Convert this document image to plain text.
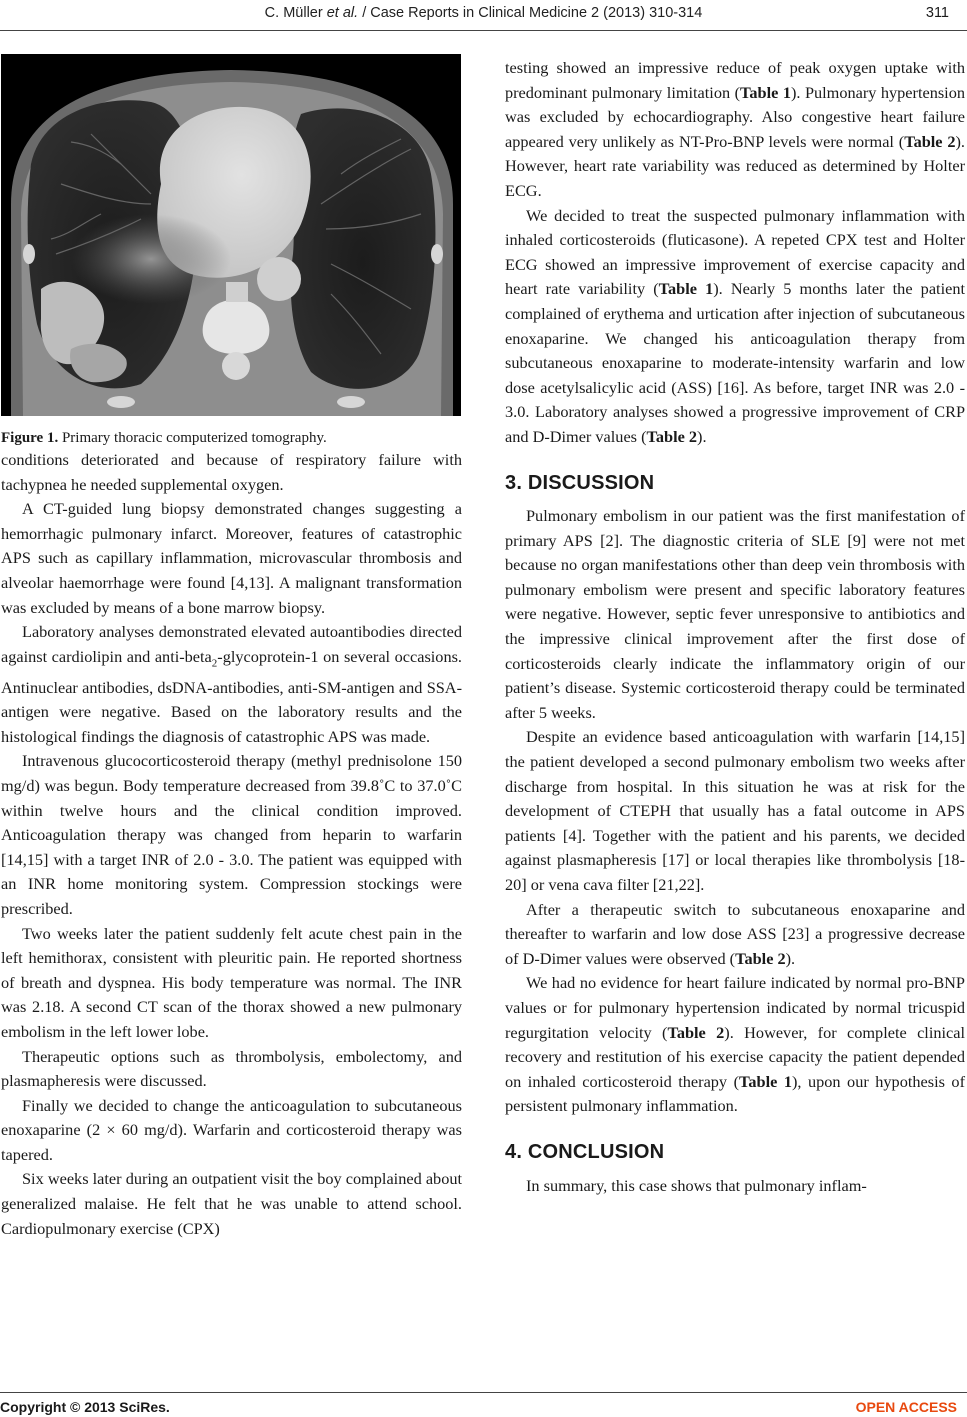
C. Müller et al. / Case Reports in Clinical Medicine 2 (2013) 310-314	311

Figure 1. Primary thoracic computerized tomography.

conditions deteriorated and because of respiratory failure with tachypnea he needed supplemental oxygen.

A CT-guided lung biopsy demonstrated changes suggesting a hemorrhagic pulmonary infarct. Moreover, features of catastrophic APS such as capillary inflammation, microvascular thrombosis and alveolar haemorrhage were found [4,13]. A malignant transformation was excluded by means of a bone marrow biopsy.

Laboratory analyses demonstrated elevated autoantibodies directed against cardiolipin and anti-beta$_2$-glycoprotein-1 on several occasions. Antinuclear antibodies, dsDNA-antibodies, anti-SM-antigen and SSA-antigen were negative. Based on the laboratory results and the histological findings the diagnosis of catastrophic APS was made.

Intravenous glucocorticosteroid therapy (methyl prednisolone 150 mg/d) was begun. Body temperature decreased from 39.8˚C to 37.0˚C within twelve hours and the clinical condition improved. Anticoagulation therapy was changed from heparin to warfarin [14,15] with a target INR of 2.0 - 3.0. The patient was equipped with an INR home monitoring system. Compression stockings were prescribed.

Two weeks later the patient suddenly felt acute chest pain in the left hemithorax, consistent with pleuritic pain. He reported shortness of breath and dyspnea. His body temperature was normal. The INR was 2.18. A second CT scan of the thorax showed a new pulmonary embolism in the left lower lobe.

Therapeutic options such as thrombolysis, embolectomy, and plasmapheresis were discussed.

Finally we decided to change the anticoagulation to subcutaneous enoxaparine (2 × 60 mg/d). Warfarin and corticosteroid therapy was tapered.

Six weeks later during an outpatient visit the boy complained about generalized malaise. He felt that he was unable to attend school. Cardiopulmonary exercise (CPX)

testing showed an impressive reduce of peak oxygen uptake with predominant pulmonary limitation (Table 1). Pulmonary hypertension was excluded by echocardiography. Also congestive heart failure appeared very unlikely as NT-Pro-BNP levels were normal (Table 2). However, heart rate variability was reduced as determined by Holter ECG.

We decided to treat the suspected pulmonary inflammation with inhaled corticosteroids (fluticasone). A repeted CPX test and Holter ECG showed an impressive improvement of exercise capacity and heart rate variability (Table 1). Nearly 5 months later the patient complained of erythema and urtication after injection of subcutaneous enoxaparine. We changed his anticoagulation therapy from subcutaneous enoxaparine to moderate-intensity warfarin and low dose acetylsalicylic acid (ASS) [16]. As before, target INR was 2.0 - 3.0. Laboratory analyses showed a progressive improvement of CRP and D-Dimer values (Table 2).

3. DISCUSSION

Pulmonary embolism in our patient was the first manifestation of primary APS [2]. The diagnostic criteria of SLE [9] were not met because no organ manifestations other than deep vein thrombosis with pulmonary embolism were present and specific laboratory features were negative. However, septic fever unresponsive to antibiotics and the impressive clinical improvement after the first dose of corticosteroids clearly indicate the inflammatory origin of our patient’s disease. Systemic corticosteroid therapy could be terminated after 5 weeks.

Despite an evidence based anticoagulation with warfarin [14,15] the patient developed a second pulmonary embolism two weeks after discharge from hospital. In this situation he was at risk for the development of CTEPH that usually has a fatal outcome in APS patients [4]. Together with the patient and his parents, we decided against plasmapheresis [17] or local therapies like thrombolysis [18-20] or vena cava filter [21,22].

After a therapeutic switch to subcutaneous enoxaparine and thereafter to warfarin and low dose ASS [23] a progressive decrease of D-Dimer values were observed (Table 2).

We had no evidence for heart failure indicated by normal pro-BNP values or for pulmonary hypertension indicated by normal tricuspid regurgitation velocity (Table 2). However, for complete clinical recovery and restitution of his exercise capacity the patient depended on inhaled corticosteroid therapy (Table 1), upon our hypothesis of persistent pulmonary inflammation.

4. CONCLUSION

In summary, this case shows that pulmonary inflam-

Copyright © 2013 SciRes.	OPEN ACCESS
